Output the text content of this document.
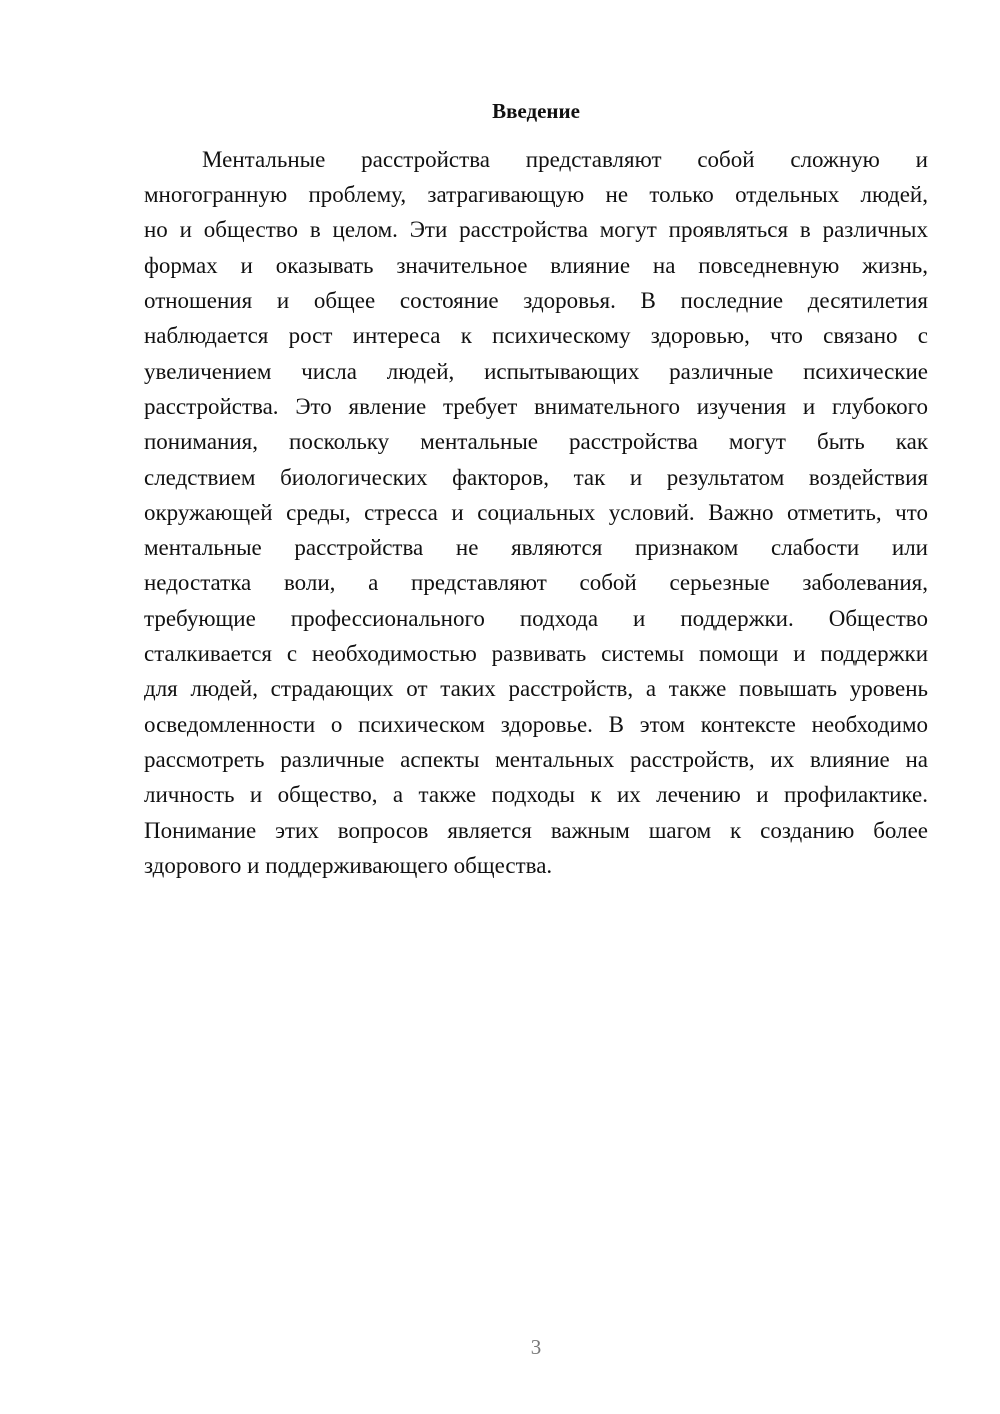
Введение
Ментальные расстройства представляют собой сложную и
многогранную проблему, затрагивающую не только отдельных людей,
но и общество в целом. Эти расстройства могут проявляться в различных
формах и оказывать значительное влияние на повседневную жизнь,
отношения и общее состояние здоровья. В последние десятилетия
наблюдается рост интереса к психическому здоровью, что связано с
увеличением числа людей, испытывающих различные психические
расстройства. Это явление требует внимательного изучения и глубокого
понимания, поскольку ментальные расстройства могут быть как
следствием биологических факторов, так и результатом воздействия
окружающей среды, стресса и социальных условий. Важно отметить, что
ментальные расстройства не являются признаком слабости или
недостатка воли, а представляют собой серьезные заболевания,
требующие профессионального подхода и поддержки. Общество
сталкивается с необходимостью развивать системы помощи и поддержки
для людей, страдающих от таких расстройств, а также повышать уровень
осведомленности о психическом здоровье. В этом контексте необходимо
рассмотреть различные аспекты ментальных расстройств, их влияние на
личность и общество, а также подходы к их лечению и профилактике.
Понимание этих вопросов является важным шагом к созданию более
здорового и поддерживающего общества.
3
